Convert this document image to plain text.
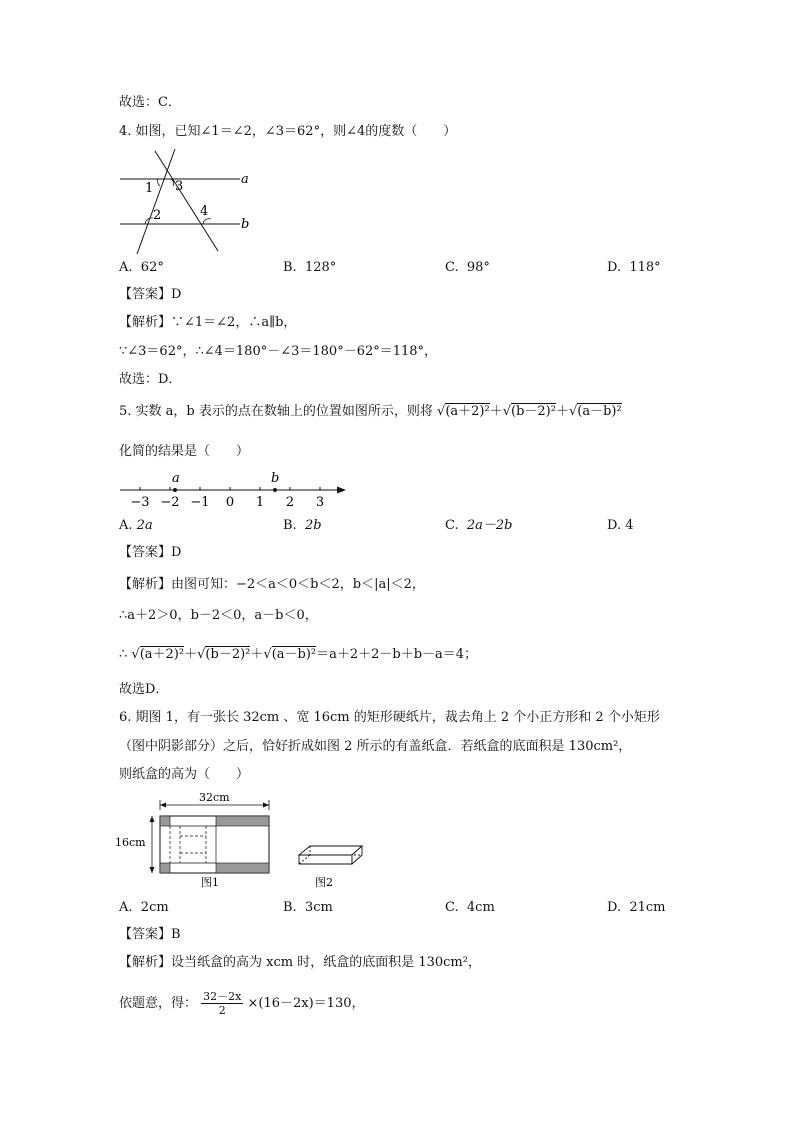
故选：C．
4. 如图，已知∠1＝∠2，∠3＝62°，则∠4的度数（　　）
1 3
2	4
a
b
A. 62°	B. 128°	C. 98°	D. 118°
【答案】D
【解析】∵∠1＝∠2，∴a∥b，
∵∠3＝62°，∴∠4＝180°－∠3＝180°－62°＝118°，
故选：D．
5. 实数 a，b 表示的点在数轴上的位置如图所示，则将 √(a＋2)²＋√(b－2)²＋√(a－b)²
化简的结果是（　　）
−3 −2 −1 0 1 2 3
a	b
A. 2a	B. 2b	C. 2a－2b	D. 4
【答案】D
【解析】由图可知：−2＜a＜0＜b＜2，b＜|a|＜2，
∴a＋2＞0，b－2＜0，a－b＜0，
∴ √(a＋2)²＋√(b－2)²＋√(a－b)²＝a＋2＋2－b＋b－a＝4；
故选D．
6. 期图 1，有一张长 32cm 、宽 16cm 的矩形硬纸片，裁去角上 2 个小正方形和 2 个小矩形
（图中阴影部分）之后，恰好折成如图 2 所示的有盖纸盒．若纸盒的底面积是 130cm²，
则纸盒的高为（　　）
32cm
16cm
图1	图2
A. 2cm	B. 3cm	C. 4cm	D. 21cm
【答案】B
【解析】设当纸盒的高为 xcm 时，纸盒的底面积是 130cm²，
依题意，得： $\frac{32-2x}{2} \times(16-2x)=130$，
